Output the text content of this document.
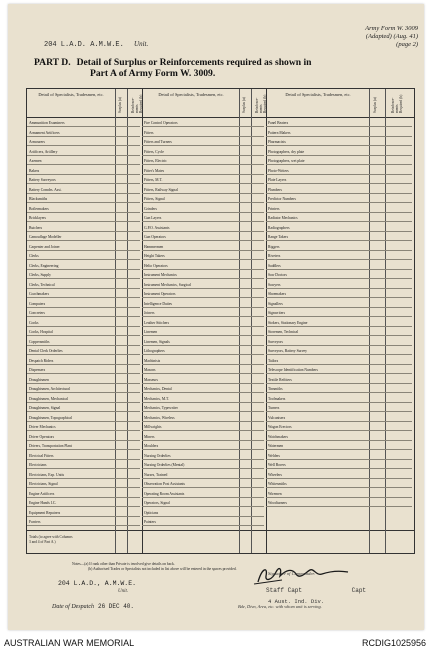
204 L.A.D. A.M.W.E. Unit.
Army Form W. 3009
(Adapted) (Aug. 41)
(page 2)
PART D. Detail of Surplus or Reinforcements required as shown in
Part A of Army Form W. 3009.
Detail of Specialists, Tradesmen, etc.
Surplus (a)	Reinforce-ments Required (b)
Detail of Specialists, Tradesmen, etc.
Surplus (a)	Reinforce-ments Required (b)
Detail of Specialists, Tradesmen, etc.
Surplus (a)	Reinforce-ments Required (b)
Ammunition Examiners
Armament Artificers
Armourers
Artificers, Artillery
Axemen
Bakers
Battery Surveyors
Battery Comdrs. Asst.
Blacksmiths
Boilermakers
Bricklayers
Butchers
Camouflage Modeller
Carpenter and Joiner
Clerks
Clerks, Engineering
Clerks, Supply
Clerks, Technical
Coachmakers
Computers
Concreters
Cooks
Cooks, Hospital
Coppersmiths
Dental Clerk Orderlies
Despatch Riders
Dispensers
Draughtsmen
Draughtsmen, Architectural
Draughtsmen, Mechanical
Draughtsmen, Signal
Draughtsmen, Topographical
Driver Mechanics
Driver Operators
Drivers, Transportation Plant
Electrical Fitters
Electricians
Electricians, Exp. Units
Electricians, Signal
Engine Artificers
Engine Hands I.C.
Equipment Repairers
Farriers
Fire Control Operators
Fitters
Fitters and Turners
Fitters, Cycle
Fitters, Electric
Fitter's Mates
Fitters, M.T.
Fitters, Railway Signal
Fitters, Signal
Grinders
Gun Layers
G.P.O. Assistants
Gun Operators
Hammermen
Height Takers
Helio Operators
Instrument Mechanics
Instrument Mechanics, Surgical
Instrument Operators
Intelligence Duties
Joiners
Leather Stitchers
Linemen
Linemen, Signals
Lithographers
Machinists
Masons
Masseurs
Mechanics, Dental
Mechanics, M.T.
Mechanics, Typewriter
Mechanics, Wireless
Millwrights
Miners
Moulders
Nursing Orderlies
Nursing Orderlies (Mental)
Nurses, Trained
Observation Post Assistants
Operating Room Assistants
Operators, Signal
Opticians
Painters
Panel Beaters
Pattern Makers
Pharmacists
Photographers, dry plate
Photographers, wet plate
Photo-Writers
Plate Layers
Plumbers
Predictor Numbers
Printers
Radiator Mechanics
Radiographers
Range Takers
Riggers
Riveters
Saddlers
Saw Doctors
Sawyers
Shoemakers
Signallers
Signwriters
Stokers, Stationary Engine
Storemen, Technical
Surveyors
Surveyors, Battery Survey
Tailors
Telescope Identification Numbers
Textile Refitters
Tinsmiths
Toolmakers
Turners
Vulcanisers
Wagon Erectors
Watchmakers
Watermen
Welders
Well Borers
Wheelers
Whitesmiths
Wiremen
Woodturners
Totals (to agree with Columns
3 and 4 of Part A.)
Notes—(a) If rank other than Private is involved give details on back.
(b) Authorised Trades or Specialists not included in list above will be entered in the spaces provided.
204 L.A.D., A.M.W.E.
Unit.
Date of Despatch 26 DEC 40.
Signature of Commander.
Staff Capt	Capt
4 Aust. Ind. Div.
Bde, Divn, Area, etc. with whom unit is serving.
AUSTRALIAN WAR MEMORIAL	RCDIG1025956
